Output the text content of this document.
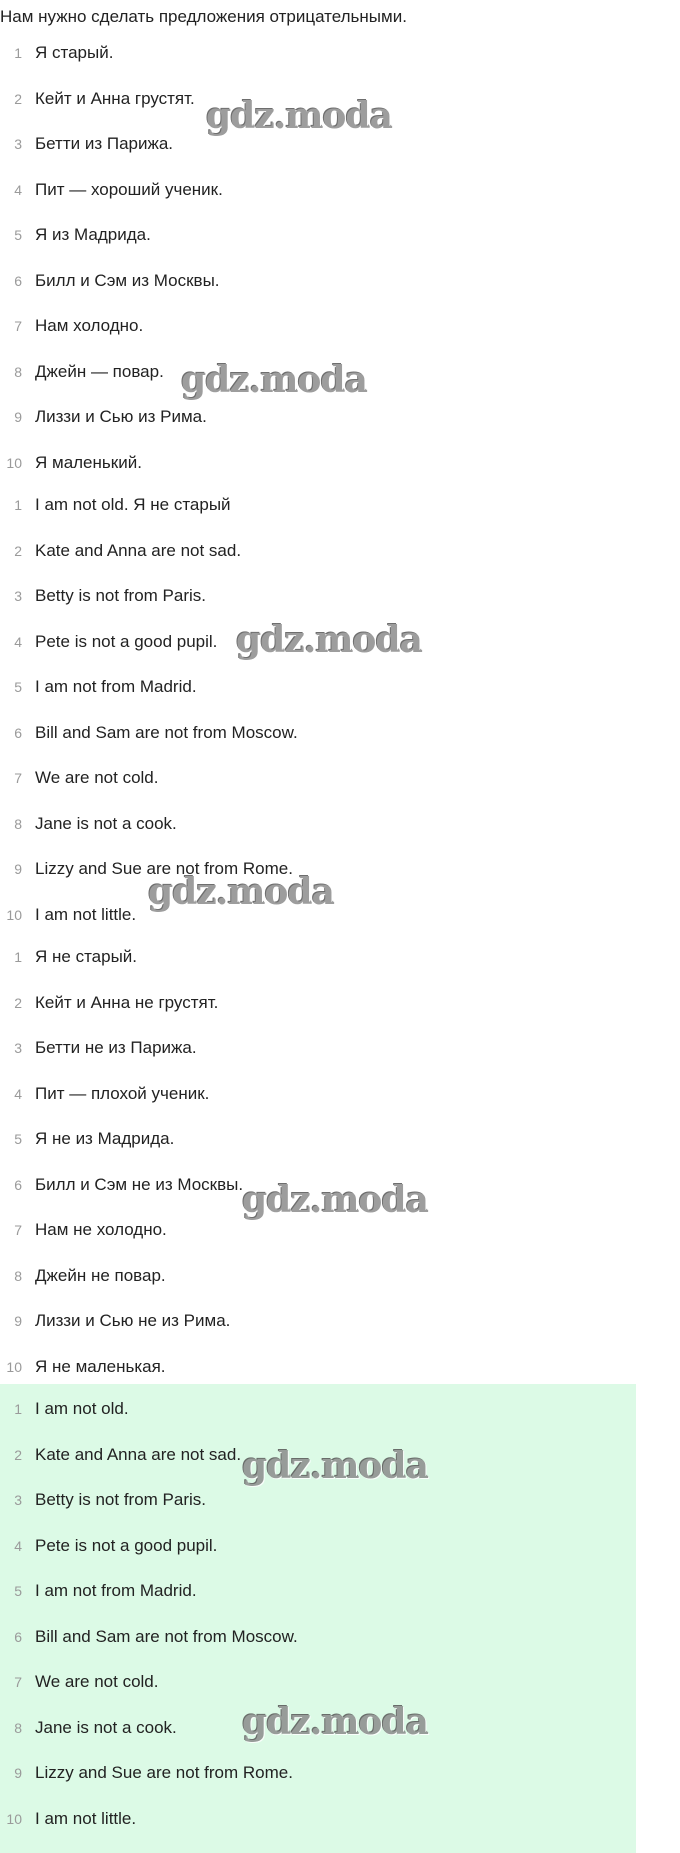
Нам нужно сделать предложения отрицательными.
1 Я старый.
2 Кейт и Анна грустят.
3 Бетти из Парижа.
4 Пит — хороший ученик.
5 Я из Мадрида.
6 Билл и Сэм из Москвы.
7 Нам холодно.
8 Джейн — повар.
9 Лиззи и Сью из Рима.
10 Я маленький.
1 I am not old. Я не старый
2 Kate and Anna are not sad.
3 Betty is not from Paris.
4 Pete is not a good pupil.
5 I am not from Madrid.
6 Bill and Sam are not from Moscow.
7 We are not cold.
8 Jane is not a cook.
9 Lizzy and Sue are not from Rome.
10 I am not little.
1 Я не старый.
2 Кейт и Анна не грустят.
3 Бетти не из Парижа.
4 Пит — плохой ученик.
5 Я не из Мадрида.
6 Билл и Сэм не из Москвы.
7 Нам не холодно.
8 Джейн не повар.
9 Лиззи и Сью не из Рима.
10 Я не маленькая.
1 I am not old.
2 Kate and Anna are not sad.
3 Betty is not from Paris.
4 Pete is not a good pupil.
5 I am not from Madrid.
6 Bill and Sam are not from Moscow.
7 We are not cold.
8 Jane is not a cook.
9 Lizzy and Sue are not from Rome.
10 I am not little.
gdz.moda
gdz.moda
gdz.moda
gdz.moda
gdz.moda
gdz.moda
gdz.moda
